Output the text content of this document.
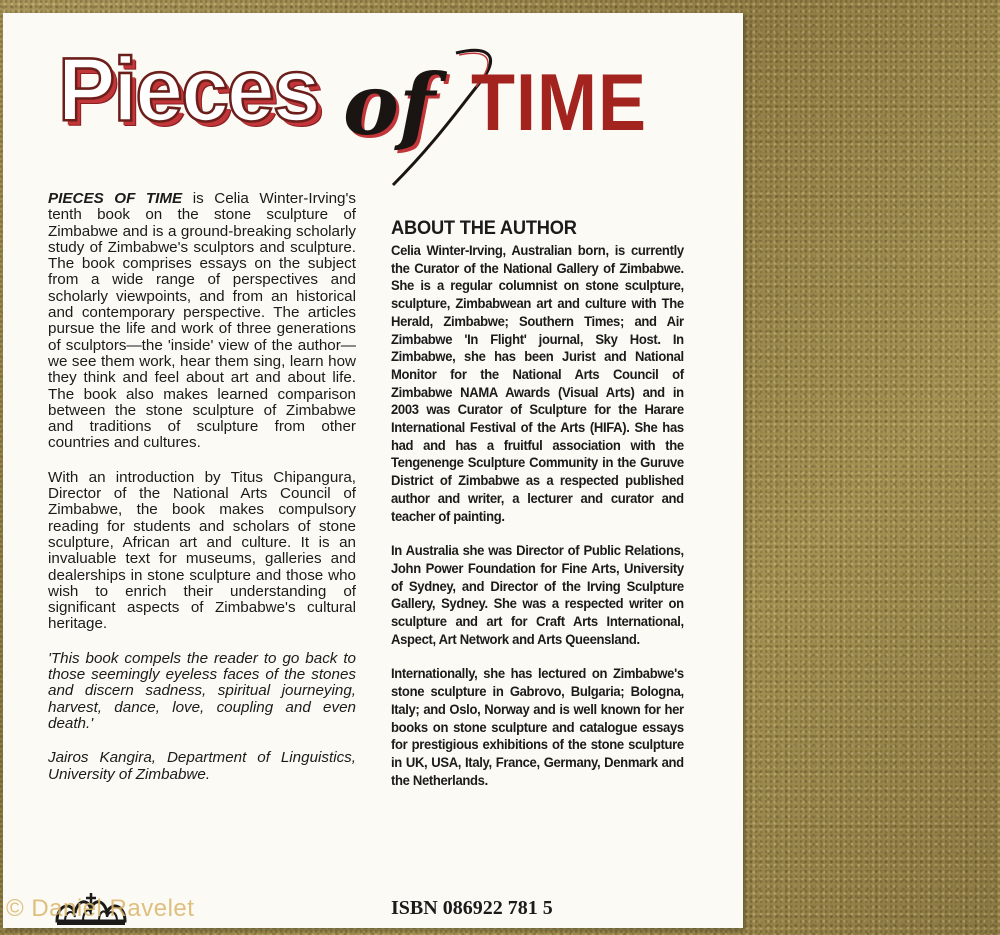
Pieces of TIME

PIECES OF TIME is Celia Winter-Irving's tenth book on the stone sculpture of Zimbabwe and is a ground-breaking scholarly study of Zimbabwe's sculptors and sculpture. The book comprises essays on the subject from a wide range of perspectives and scholarly viewpoints, and from an historical and contemporary perspective. The articles pursue the life and work of three generations of sculptors—the 'inside' view of the author—we see them work, hear them sing, learn how they think and feel about art and about life. The book also makes learned comparison between the stone sculpture of Zimbabwe and traditions of sculpture from other countries and cultures.

With an introduction by Titus Chipangura, Director of the National Arts Council of Zimbabwe, the book makes compulsory reading for students and scholars of stone sculpture, African art and culture. It is an invaluable text for museums, galleries and dealerships in stone sculpture and those who wish to enrich their understanding of significant aspects of Zimbabwe's cultural heritage.

'This book compels the reader to go back to those seemingly eyeless faces of the stones and discern sadness, spiritual journeying, harvest, dance, love, coupling and even death.'

Jairos Kangira, Department of Linguistics, University of Zimbabwe.

ABOUT THE AUTHOR

Celia Winter-Irving, Australian born, is currently the Curator of the National Gallery of Zimbabwe. She is a regular columnist on stone sculpture, sculpture, Zimbabwean art and culture with The Herald, Zimbabwe; Southern Times; and Air Zimbabwe 'In Flight' journal, Sky Host. In Zimbabwe, she has been Jurist and National Monitor for the National Arts Council of Zimbabwe NAMA Awards (Visual Arts) and in 2003 was Curator of Sculpture for the Harare International Festival of the Arts (HIFA). She has had and has a fruitful association with the Tengenenge Sculpture Community in the Guruve District of Zimbabwe as a respected published author and writer, a lecturer and curator and teacher of painting.

In Australia she was Director of Public Relations, John Power Foundation for Fine Arts, University of Sydney, and Director of the Irving Sculpture Gallery, Sydney. She was a respected writer on sculpture and art for Craft Arts International, Aspect, Art Network and Arts Queensland.

Internationally, she has lectured on Zimbabwe's stone sculpture in Gabrovo, Bulgaria; Bologna, Italy; and Oslo, Norway and is well known for her books on stone sculpture and catalogue essays for prestigious exhibitions of the stone sculpture in UK, USA, Italy, France, Germany, Denmark and the Netherlands.

ISBN 086922 781 5
© Daniel Ravelet
